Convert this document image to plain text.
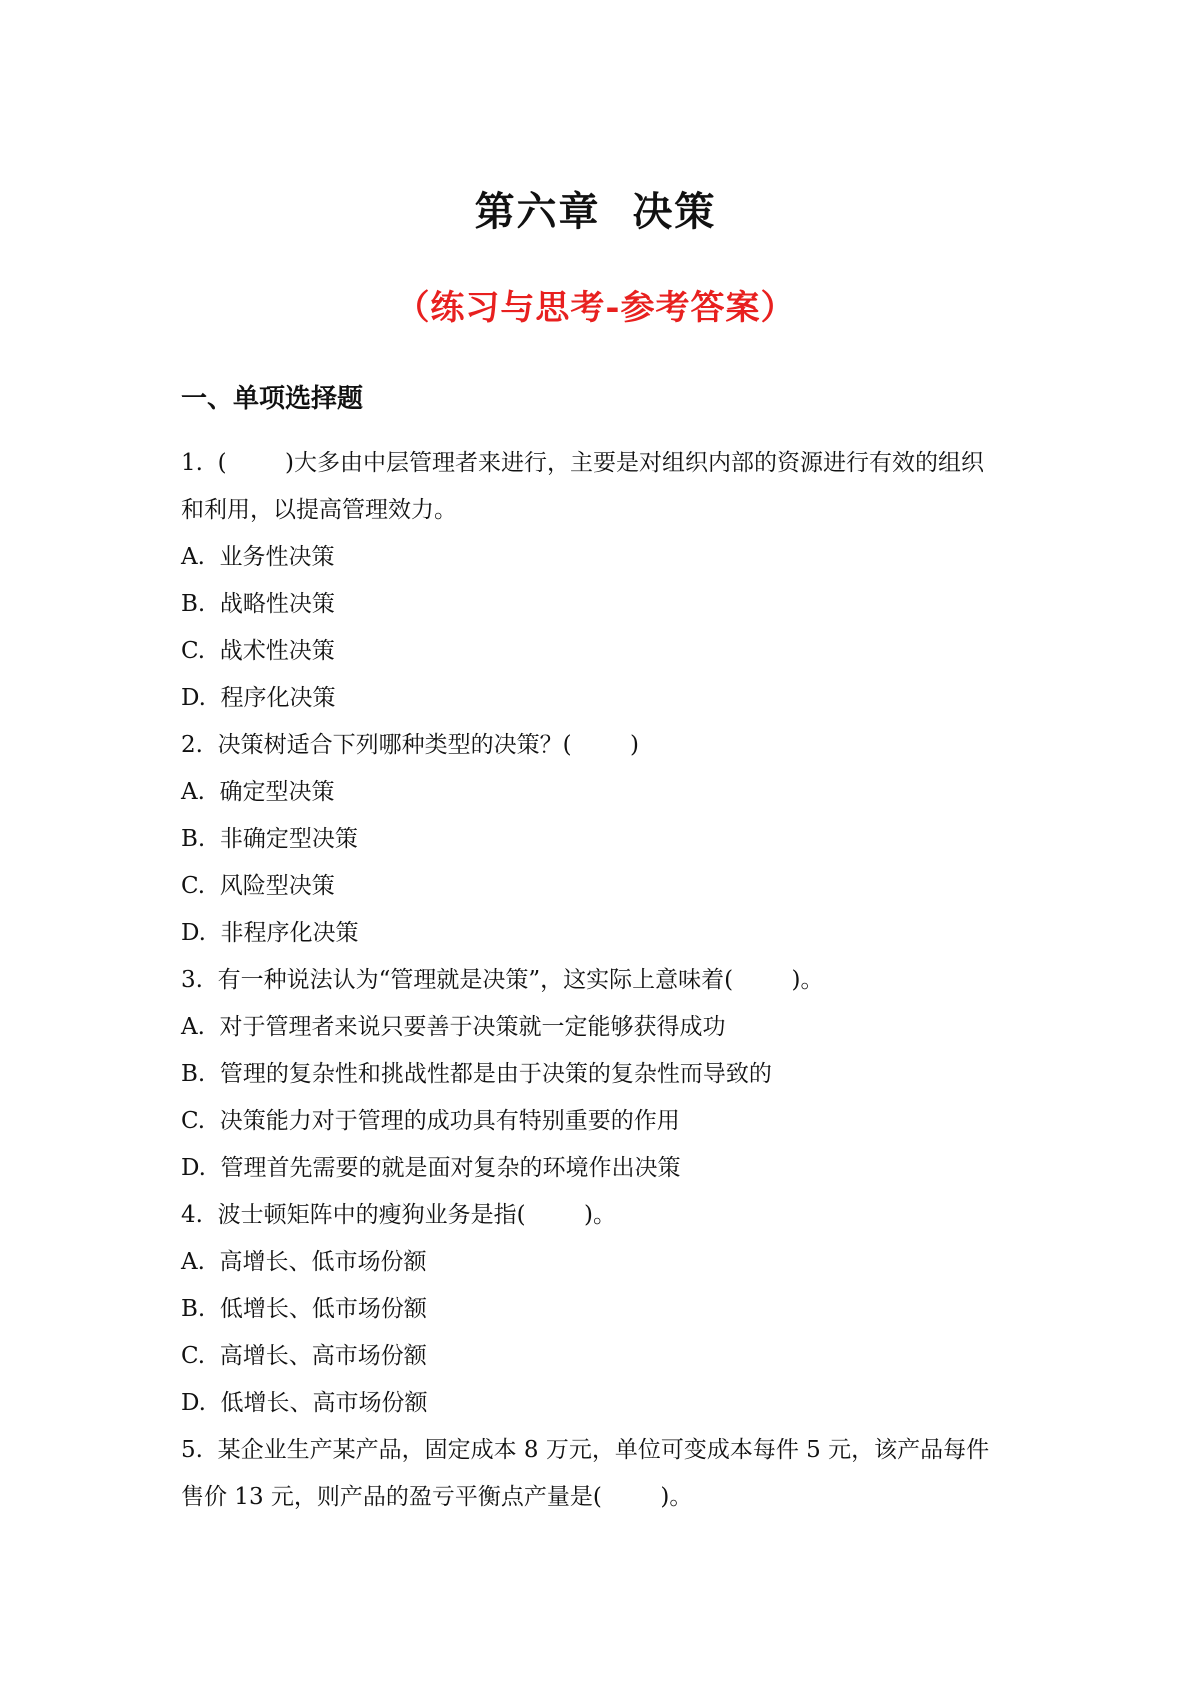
第六章  决策
（练习与思考-参考答案）
一、单项选择题

1.  (        )大多由中层管理者来进行，主要是对组织内部的资源进行有效的组织

和利用，以提高管理效力。

A.  业务性决策

B.  战略性决策

C.  战术性决策

D.  程序化决策

2.  决策树适合下列哪种类型的决策？(        )

A.  确定型决策

B.  非确定型决策

C.  风险型决策

D.  非程序化决策

3.  有一种说法认为“管理就是决策”，这实际上意味着(        )。

A.  对于管理者来说只要善于决策就一定能够获得成功

B.  管理的复杂性和挑战性都是由于决策的复杂性而导致的

C.  决策能力对于管理的成功具有特别重要的作用

D.  管理首先需要的就是面对复杂的环境作出决策

4.  波士顿矩阵中的瘦狗业务是指(        )。

A.  高增长、低市场份额

B.  低增长、低市场份额

C.  高增长、高市场份额

D.  低增长、高市场份额

5.  某企业生产某产品，固定成本 8 万元，单位可变成本每件 5 元，该产品每件

售价 13 元，则产品的盈亏平衡点产量是(        )。
